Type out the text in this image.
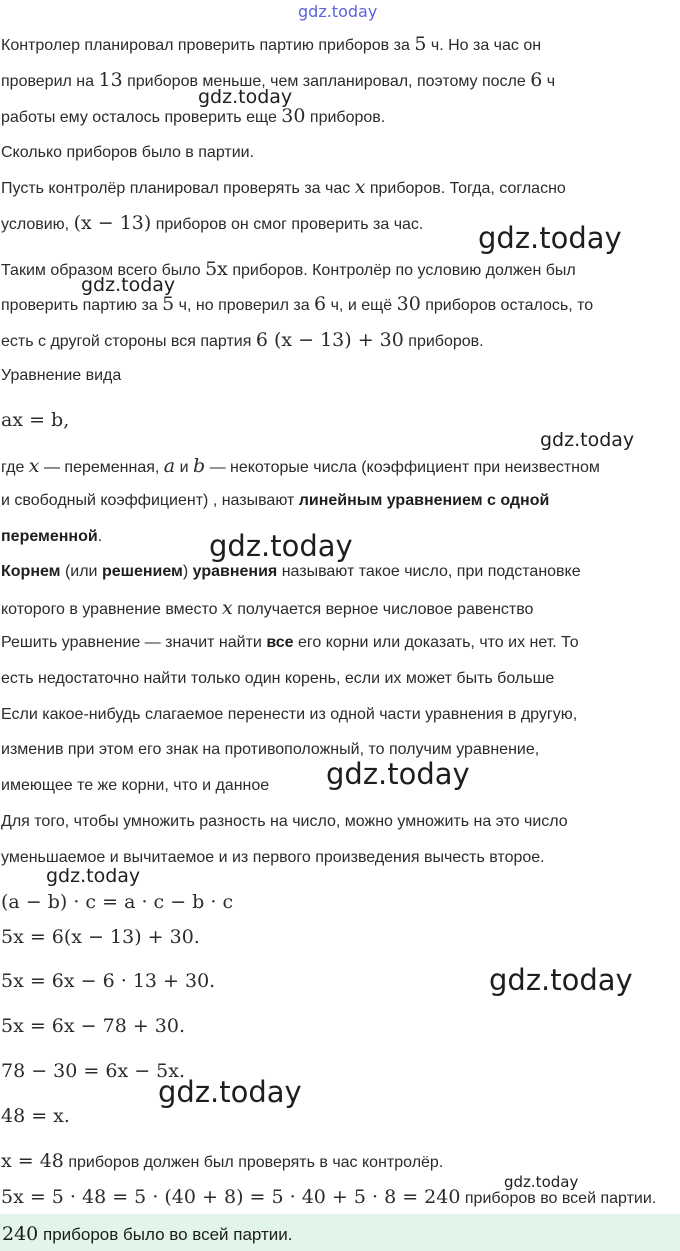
gdz.today
gdz.today
gdz.today
gdz.today
gdz.today
gdz.today
gdz.today
gdz.today
gdz.today
gdz.today
gdz.today
Контролер планировал проверить партию приборов за 5 ч. Но за час он
проверил на 13 приборов меньше, чем запланировал, поэтому после 6 ч
работы ему осталось проверить еще 30 приборов.
Сколько приборов было в партии.
Пусть контролёр планировал проверять за час x приборов. Тогда, согласно
условию, (x − 13) приборов он смог проверить за час.
Таким образом всего было 5x приборов. Контролёр по условию должен был
проверить партию за 5 ч, но проверил за 6 ч, и ещё 30 приборов осталось, то
есть с другой стороны вся партия 6 (x − 13) + 30 приборов.
Уравнение вида
ax = b,
где x — переменная, a и b — некоторые числа (коэффициент при неизвестном
и свободный коэффициент) , называют линейным уравнением с одной
переменной.
Корнем (или решением) уравнения называют такое число, при подстановке
которого в уравнение вместо x получается верное числовое равенство
Решить уравнение — значит найти все его корни или доказать, что их нет. То
есть недостаточно найти только один корень, если их может быть больше
Если какое-нибудь слагаемое перенести из одной части уравнения в другую,
изменив при этом его знак на противоположный, то получим уравнение,
имеющее те же корни, что и данное
Для того, чтобы умножить разность на число, можно умножить на это число
уменьшаемое и вычитаемое и из первого произведения вычесть второе.
(a − b) · c = a · c − b · c
5x = 6(x − 13) + 30.
5x = 6x − 6 · 13 + 30.
5x = 6x − 78 + 30.
78 − 30 = 6x − 5x.
48 = x.
x = 48 приборов должен был проверять в час контролёр.
5x = 5 · 48 = 5 · (40 + 8) = 5 · 40 + 5 · 8 = 240 приборов во всей партии.
240 приборов было во всей партии.
